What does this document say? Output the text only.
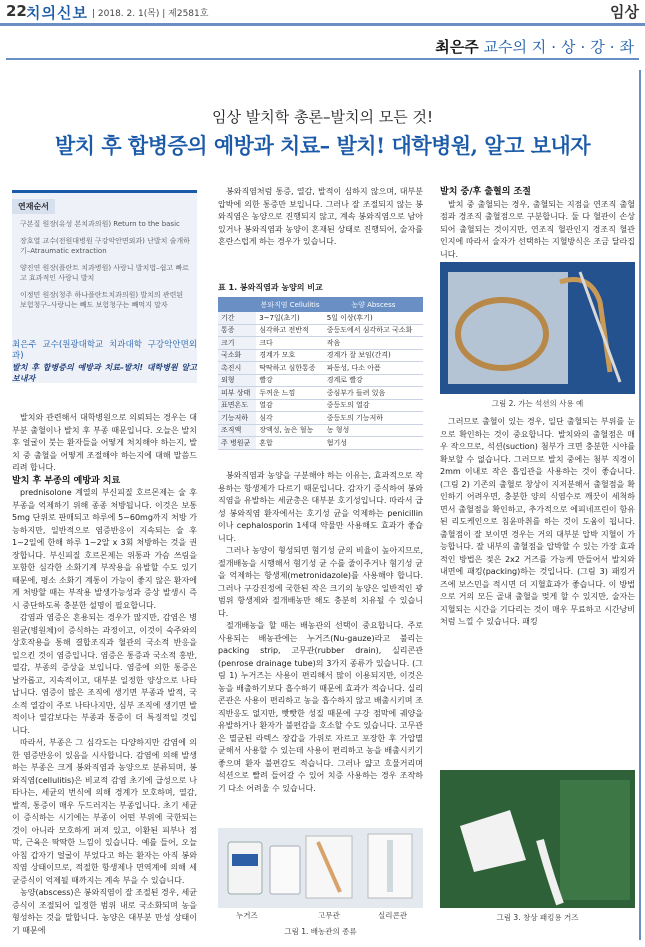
22 치의신보 | 2018. 2. 1(목) | 제2581호	임상
최은주 교수의 지·상·강·좌
임상 발치학 총론–발치의 모든 것!
발치 후 합병증의 예방과 치료– 발치! 대학병원, 알고 보내자
연재순서
구본질 원장(유성 본치과의원) Return to the basic
장호열 교수(전원대병원 구강악안면외과) 난발치 술개하기–Atraumatic extraction
양진연 원장(플란트 치과병원) 사랑니 발치법–쉽고 빠르고 효과적인 사랑니 발치
이정민 원장(청주 하나플란트치과의원) 발치의 관련된 보험청구–사랑니는 빼도 보험청구는 빼먹지 말자
최은주 교수(원광대학교 치과대학 구강악안면외과)
발치 후 합병증의 예방과 치료–발치! 대학병원 알고 보내자

발치와 관련해서 대학병원으로 의뢰되는 경우는 대부분 출혈이나 발치 후 부종 때문입니다. 오늘은 발치 후 얼굴이 붓는 환자들을 어떻게 처치해야 하는지, 발치 중 출혈을 어떻게 조절해야 하는지에 대해 말씀드리려 합니다.

발치 후 부종의 예방과 치료

prednisolone 계열의 부신피질 호르몬제는 술 후 부종을 억제하기 위해 종종 처방됩니다. 이것은 보통 5mg 단위로 판매되고 하루에 5~60mg까지 처방 가능하지만, 일반적으로 염증반응이 지속되는 술 후 1~2일에 한해 하루 1~2알 x 3회 처방하는 것을 권장합니다. 부신피질 호르몬제는 위통과 가슴 쓰림을 포함한 심각한 소화기계 부작용을 유발할 수도 있기 때문에, 평소 소화기 계통이 가능이 좋지 않은 환자에게 처방할 때는 부작용 발생가능성과 증상 발생시 즉시 중단하도록 충분한 설명이 필요합니다.

감염과 염증은 혼용되는 경우가 많지만, 감염은 병원균(병원체)이 증식하는 과정이고, 이것이 숙주와의 상호작용을 통해 결합조직과 혈관의 국소적 반응을 일으킨 것이 염증입니다. 염증은 통증과 국소적 홍반, 열감, 부종의 증상을 보입니다. 염증에 의한 통증은 날카롭고, 지속적이고, 대부분 일정한 양상으로 나타납니다. 염증이 많은 조직에 생기면 부종과 발적, 국소적 열감이 주로 나타나지만, 심부 조직에 생기면 발적이나 열감보다는 부종과 통증이 더 특징적일 것입니다.

따라서, 부종은 그 심각도는 다양하지만 감염에 의한 염증반응이 있음을 시사합니다. 감염에 의해 발생하는 부종은 크게 봉와직염과 농양으로 분류되며, 봉와직염(cellulitis)은 비교적 감염 초기에 급성으로 나타나는, 세균의 번식에 의해 경계가 모호하며, 열감, 발적, 통증이 매우 두드러지는 부종입니다. 초기 세균이 증식하는 시기에는 부종이 어떤 부위에 국한되는 것이 아니라 모호하게 퍼져 있고, 이환된 피부나 점막, 근육은 딱딱한 느낌이 있습니다. 예를 들어, 오늘 아침 갑자기 얼굴이 부었다고 하는 환자는 아직 봉와직염 상태이므로, 적절한 항생제나 면역계에 의해 세균증식이 억제될 때까지는 계속 부을 수 있습니다.

농양(abscess)은 봉와직염이 잘 조절된 경우, 세균 증식이 조절되어 일정한 범위 내로 국소화되며 농을 형성하는 것을 말합니다. 농양은 대부분 만성 상태이기 때문에

봉와직염처럼 통증, 열감, 발적이 심하지 않으며, 대부분 압박에 의한 통증만 보입니다. 그러나 잘 조절되지 않는 봉와직염은 농양으로 진행되지 않고, 계속 봉와직염으로 남아 있거나 봉와직염과 농양이 혼재된 상태로 진행되어, 술자를 혼란스럽게 하는 경우가 있습니다.

표 1. 봉와직염과 농양의 비교
	봉와직염 Cellulitis	농양 Abscess
기간	3~7일(초기)	5일 이상(후기)
통증	심각하고 전반적	중등도에서 심각하고 국소화
크기	크다	작음
국소화	경계가 모호	경계가 잘 보임(간격)
촉진시	딱딱하고 심한통증	파동성, 다소 아픔
외형	빨강	경계로 빨강
피부 상태	두꺼운 느낌	중심부가 들려 있음
표면온도	열감	중등도의 열감
기능저하	심각	중등도의 기능저하
조직액	장액성, 높은 혈농	농 형성
주 병원균	혼합	혐기성

봉와직염과 농양을 구분해야 하는 이유는, 효과적으로 작용하는 항생제가 다르기 때문입니다. 감자기 증식하여 봉와직염을 유발하는 세균총은 대부분 호기성입니다. 따라서 급성 봉와직염 환자에서는 호기성 균을 억제하는 penicillin이나 cephalosporin 1세대 약물만 사용해도 효과가 좋습니다.

그러나 농양이 형성되면 혐기성 균의 비율이 높아지므로, 절개배농을 시행해서 혐기성 균 수를 줄이주거나 혐기성 균을 억제하는 항생제(metronidazole)를 사용해야 합니다. 그러나 구강진정에 국한된 작은 크기의 농양은 일반적인 광범위 항생제와 절개배농만 해도 충분히 치유될 수 있습니다.

절개배농을 할 때는 배농관의 선택이 중요합니다. 주로 사용되는 배농관에는 누거즈(Nu-gauze)라고 불리는 packing strip, 고무관(rubber drain), 실리콘관(penrose drainage tube)의 3가지 종류가 있습니다. (그림 1) 누거즈는 사용이 편리해서 많이 이용되지만, 이것은 농을 배출하기보다 흡수하기 때문에 효과가 적습니다. 실리콘관은 사용이 편리하고 농을 흡수하지 않고 배출시키며 조직반응도 없지만, 빳빳한 성질 때문에 구강 점막에 궤양을 유발하거나 환자가 불편감을 호소할 수도 있습니다. 고무관은 멸균된 라텍스 장갑을 가위로 자르고 포장한 후 가압멸균해서 사용할 수 있는데 사용이 편리하고 농을 배출시키기 좋으며 환자 불편감도 적습니다. 그러나 얇고 흐물거리며 석션으로 빨려 들어갈 수 있어 치증 사용하는 경우 조작하기 다소 어려울 수 있습니다.

누거즈	고무관	실리콘관
그림 1. 배농관의 종류

발치 중/후 출혈의 조절

발치 중 출혈되는 경우, 출혈되는 지점을 연조직 출혈점과 경조직 출혈점으로 구분합니다. 둘 다 혈관이 손상되어 출혈되는 것이지만, 연조직 혈관인지 경조직 혈관인지에 따라서 술자가 선택하는 지혈방식은 조금 달라집니다.

그림 2. 가는 석션의 사용 예

그러므로 출혈이 있는 경우, 일단 출혈되는 부위를 눈으로 확인하는 것이 중요합니다. 발치와의 출혈점은 매우 작으므로, 석션(suction) 첨부가 크면 충분한 시야를 확보할 수 없습니다. 그러므로 발치 중에는 첨부 직경이 2mm 이내로 작은 흡입관을 사용하는 것이 좋습니다.(그림 2) 기존의 출혈로 창상이 지저분해서 출혈점을 확인하기 어려우면, 충분한 양의 식염수로 깨끗이 세척하면서 출혈점을 확인하고, 추가적으로 에피네프린이 함유된 리도케인으로 침윤마취를 하는 것이 도움이 됩니다. 출혈점이 잘 보이면 경우는 거의 대부분 압박 지혈이 가능합니다. 잘 내부의 출혈점을 압박할 수 있는 가장 효과적인 방법은 젖은 2x2 거즈를 가능케 만들어서 발치와 내면에 패킹(packing)하는 것입니다. (그림 3) 패킹거즈에 보스민을 적시면 더 지혈효과가 좋습니다. 이 방법으로 거의 모든 골내 출혈을 멎게 할 수 있지만, 술자는 지혈되는 시간을 기다리는 것이 매우 무료하고 시간낭비처럼 느낄 수 있습니다. 패킹

그림 3. 창상 패킹용 거즈
